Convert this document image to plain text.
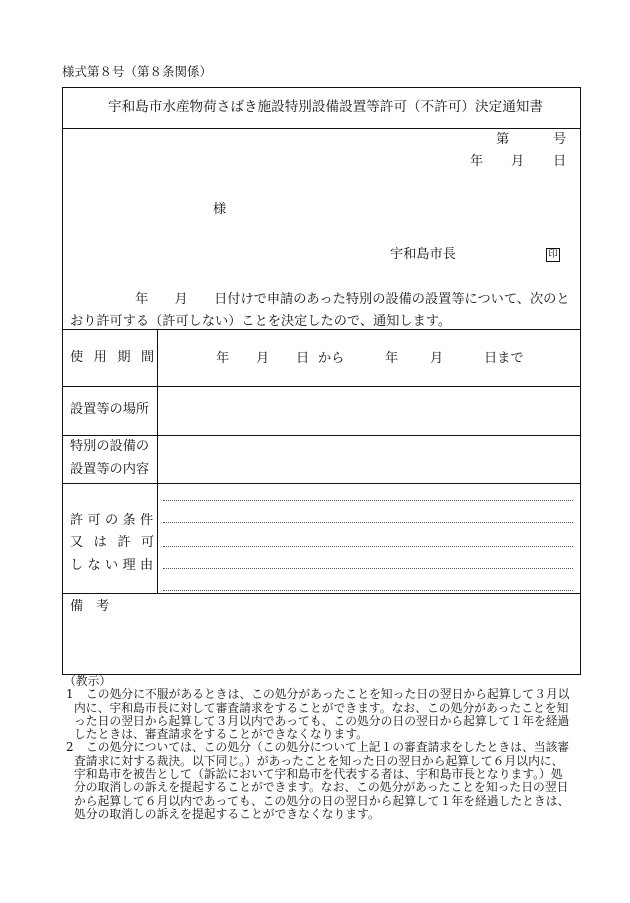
様式第８号（第８条関係）
宇和島市水産物荷さばき施設特別設備設置等許可（不許可）決定通知書
第	号
年 月 日
様
宇和島市長	印
年　　月　　日付けで申請のあった特別の設備の設置等について、次のと
おり許可する（許可しない）ことを決定したので、通知します。
使用期間	年 月 日 から	年 月	日まで
設置等の場所
特別の設備の
設置等の内容
許可の条件
又は許可
しない理由
備考
（教示）
1 この処分に不服があるときは、この処分があったことを知った日の翌日から起算して３月以
内に、宇和島市長に対して審査請求をすることができます。なお、この処分があったことを知
った日の翌日から起算して３月以内であっても、この処分の日の翌日から起算して１年を経過
したときは、審査請求をすることができなくなります。
2 この処分については、この処分（この処分について上記１の審査請求をしたときは、当該審
査請求に対する裁決。以下同じ。）があったことを知った日の翌日から起算して６月以内に、
宇和島市を被告として（訴訟において宇和島市を代表する者は、宇和島市長となります。）処
分の取消しの訴えを提起することができます。なお、この処分があったことを知った日の翌日
から起算して６月以内であっても、この処分の日の翌日から起算して１年を経過したときは、
処分の取消しの訴えを提起することができなくなります。
